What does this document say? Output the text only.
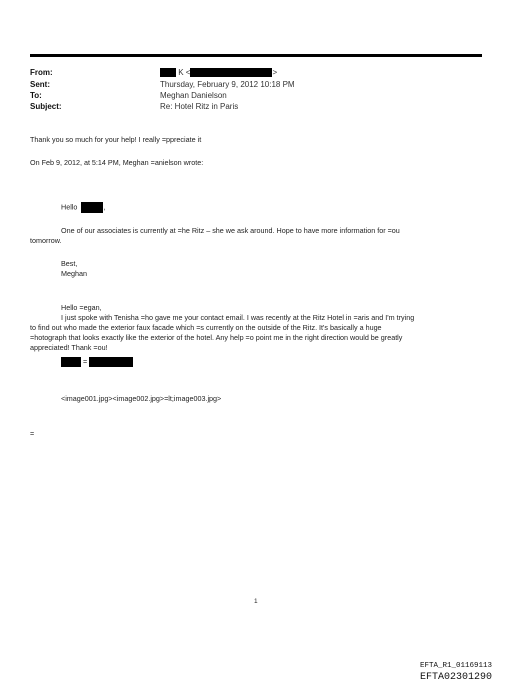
From:	K <	>
Sent:	Thursday, February 9, 2012 10:18 PM
To:	Meghan Danielson
Subject:	Re: Hotel Ritz in Paris
Thank you so much for your help! I really =ppreciate it
On Feb 9, 2012, at 5:14 PM, Meghan =anielson wrote:
Hello	,
One of our associates is currently at =he Ritz – she we ask around. Hope to have more information for =ou
tomorrow.
Best,
Meghan
Hello =egan,
I just spoke with Tenisha =ho gave me your contact email. I was recently at the Ritz Hotel in =aris and I'm trying
to find out who made the exterior faux facade which =s currently on the outside of the Ritz. It's basically a huge
=hotograph that looks exactly like the exterior of the hotel. Any help =o point me in the right direction would be greatly
appreciated! Thank =ou!
=
<image001.jpg><image002.jpg>=lt;image003.jpg>
=
1
EFTA_R1_01169113
EFTA02301290
